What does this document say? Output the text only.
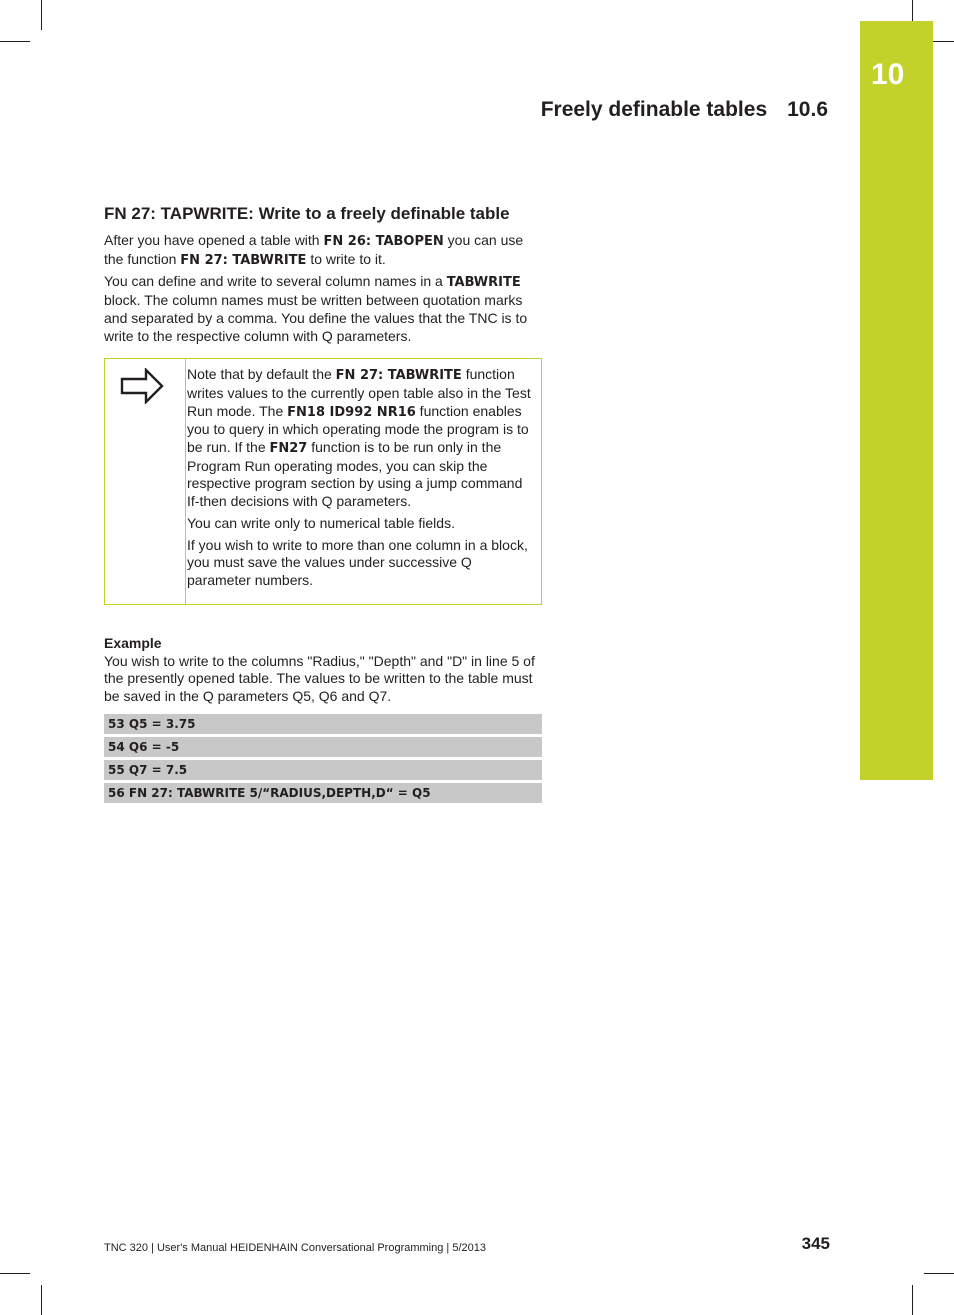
10
Freely definable tables 10.6
FN 27: TAPWRITE: Write to a freely definable table

After you have opened a table with FN 26: TABOPEN you can use the function FN 27: TABWRITE to write to it.

You can define and write to several column names in a TABWRITE block. The column names must be written between quotation marks and separated by a comma. You define the values that the TNC is to write to the respective column with Q parameters.

Note that by default the FN 27: TABWRITE function writes values to the currently open table also in the Test Run mode. The FN18 ID992 NR16 function enables you to query in which operating mode the program is to be run. If the FN27 function is to be run only in the Program Run operating modes, you can skip the respective program section by using a jump command If-then decisions with Q parameters.

You can write only to numerical table fields.

If you wish to write to more than one column in a block, you must save the values under successive Q parameter numbers.

Example

You wish to write to the columns "Radius," "Depth" and "D" in line 5 of the presently opened table. The values to be written to the table must be saved in the Q parameters Q5, Q6 and Q7.

53 Q5 = 3.75
54 Q6 = -5
55 Q7 = 7.5
56 FN 27: TABWRITE 5/“RADIUS,DEPTH,D“ = Q5
TNC 320 | User's Manual HEIDENHAIN Conversational Programming | 5/2013	345
